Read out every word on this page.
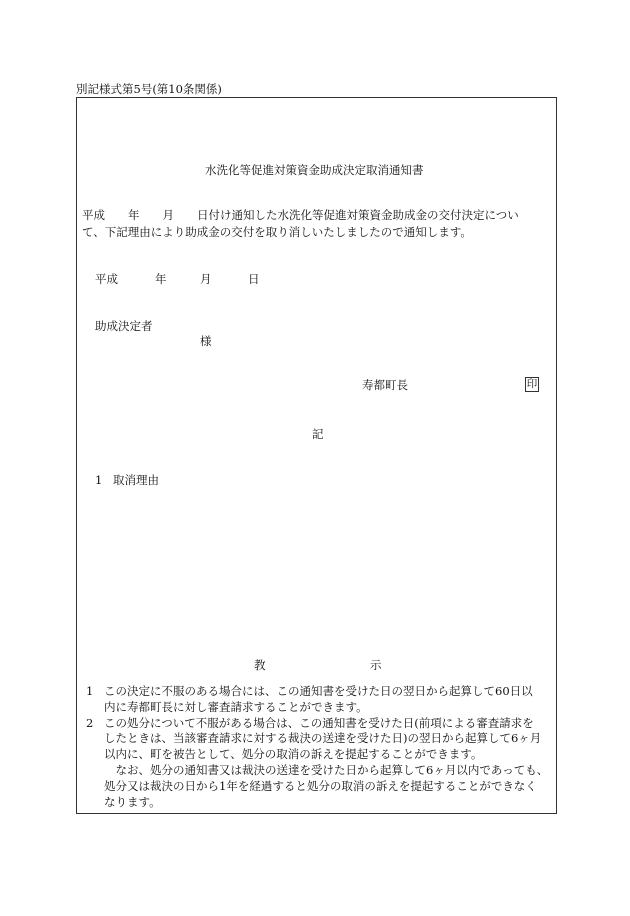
別記様式第5号(第10条関係)
水洗化等促進対策資金助成決定取消通知書
平成　　年　　月　　日付け通知した水洗化等促進対策資金助成金の交付決定につい
て、下記理由により助成金の交付を取り消しいたしましたので通知します。
平成	年	月	日
助成決定者
様
寿都町長	印
記
1 取消理由
教	示
1 この決定に不服のある場合には、この通知書を受けた日の翌日から起算して60日以
内に寿都町長に対し審査請求することができます。
2 この処分について不服がある場合は、この通知書を受けた日(前項による審査請求を
したときは、当該審査請求に対する裁決の送達を受けた日)の翌日から起算して6ヶ月
以内に、町を被告として、処分の取消の訴えを提起することができます。
　なお、処分の通知書又は裁決の送達を受けた日から起算して6ヶ月以内であっても、
処分又は裁決の日から1年を経過すると処分の取消の訴えを提起することができなく
なります。
